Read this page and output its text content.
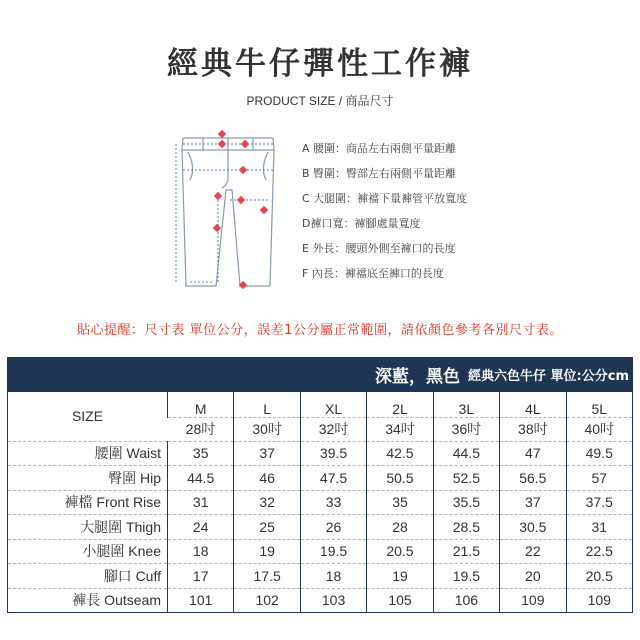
經典牛仔彈性工作褲
PRODUCT SIZE / 商品尺寸
A 腰圍：商品左右兩側平量距離
B 臀圍：臀部左右兩側平量距離
C 大腿圍：褲襠下量褲管平放寬度
D褲口寬：褲腳處量寬度
E 外長：腰頭外側至褲口的長度
F 內長：褲襠底至褲口的長度
貼心提醒：尺寸表 單位公分，誤差1公分屬正常範圍，請依顏色參考各別尺寸表。
深藍，黑色 經典六色牛仔 單位:公分cm
SIZE	M	L	XL	2L	3L	4L	5L
	28吋	30吋	32吋	34吋	36吋	38吋	40吋
腰圍 Waist	35	37	39.5	42.5	44.5	47	49.5
臀圍 Hip	44.5	46	47.5	50.5	52.5	56.5	57
褲檔 Front Rise	31	32	33	35	35.5	37	37.5
大腿圍 Thigh	24	25	26	28	28.5	30.5	31
小腿圍 Knee	18	19	19.5	20.5	21.5	22	22.5
腳口 Cuff	17	17.5	18	19	19.5	20	20.5
褲長 Outseam	101	102	103	105	106	109	109
